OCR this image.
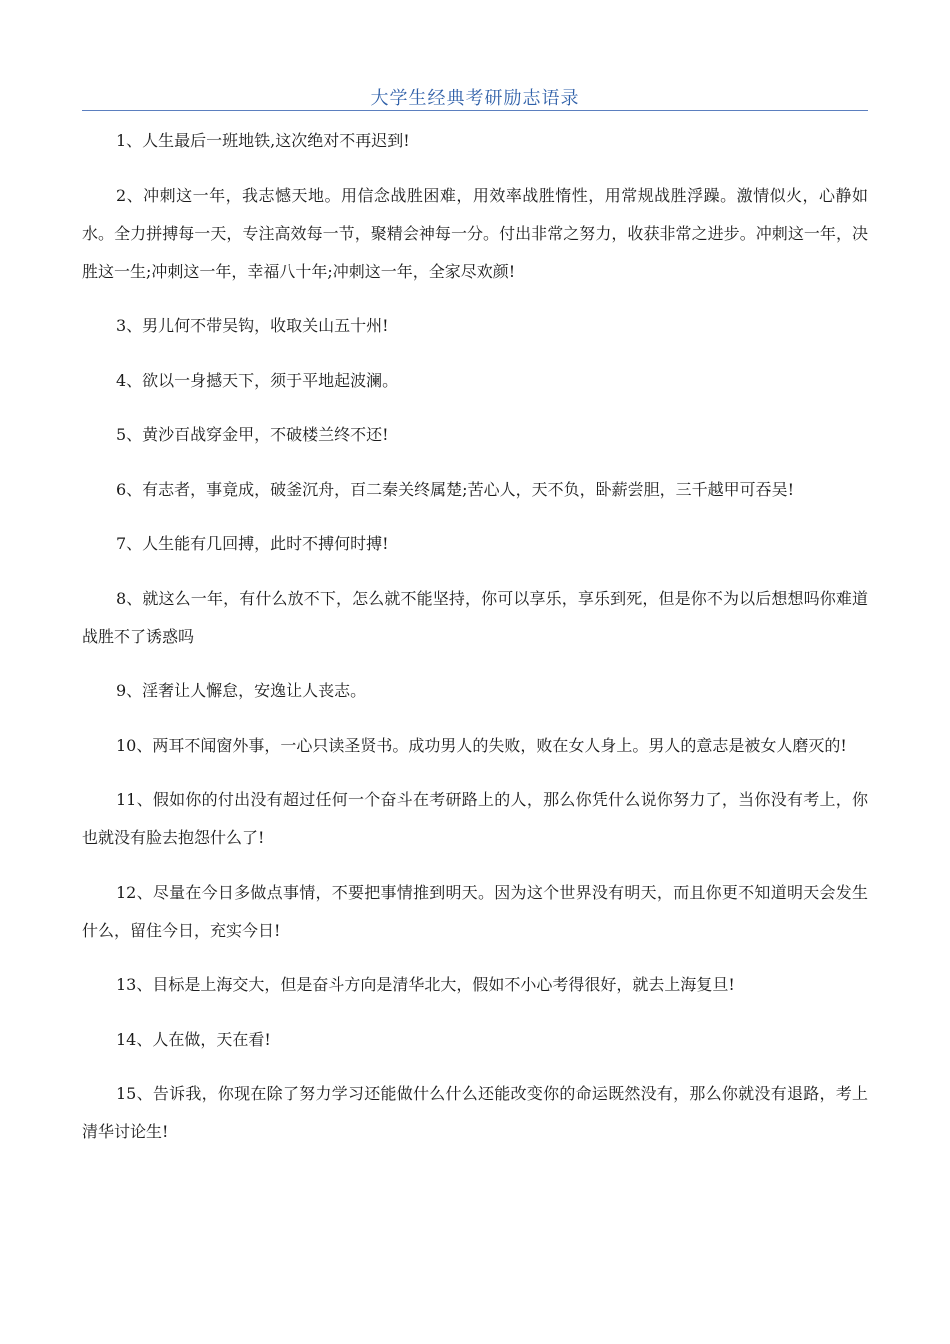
大学生经典考研励志语录

1、人生最后一班地铁,这次绝对不再迟到!

2、冲刺这一年，我志憾天地。用信念战胜困难，用效率战胜惰性，用常规战胜浮躁。激情似火，心静如水。全力拼搏每一天，专注高效每一节，聚精会神每一分。付出非常之努力，收获非常之进步。冲刺这一年，决胜这一生;冲刺这一年，幸福八十年;冲刺这一年，全家尽欢颜!

3、男儿何不带吴钩，收取关山五十州!

4、欲以一身撼天下，须于平地起波澜。

5、黄沙百战穿金甲，不破楼兰终不还!

6、有志者，事竟成，破釜沉舟，百二秦关终属楚;苦心人，天不负，卧薪尝胆，三千越甲可吞吴!

7、人生能有几回搏，此时不搏何时搏!

8、就这么一年，有什么放不下，怎么就不能坚持，你可以享乐，享乐到死，但是你不为以后想想吗你难道战胜不了诱惑吗

9、淫奢让人懈怠，安逸让人丧志。

10、两耳不闻窗外事，一心只读圣贤书。成功男人的失败，败在女人身上。男人的意志是被女人磨灭的!

11、假如你的付出没有超过任何一个奋斗在考研路上的人，那么你凭什么说你努力了，当你没有考上，你也就没有脸去抱怨什么了!

12、尽量在今日多做点事情，不要把事情推到明天。因为这个世界没有明天，而且你更不知道明天会发生什么，留住今日，充实今日!

13、目标是上海交大，但是奋斗方向是清华北大，假如不小心考得很好，就去上海复旦!

14、人在做，天在看!

15、告诉我，你现在除了努力学习还能做什么什么还能改变你的命运既然没有，那么你就没有退路，考上清华讨论生!
